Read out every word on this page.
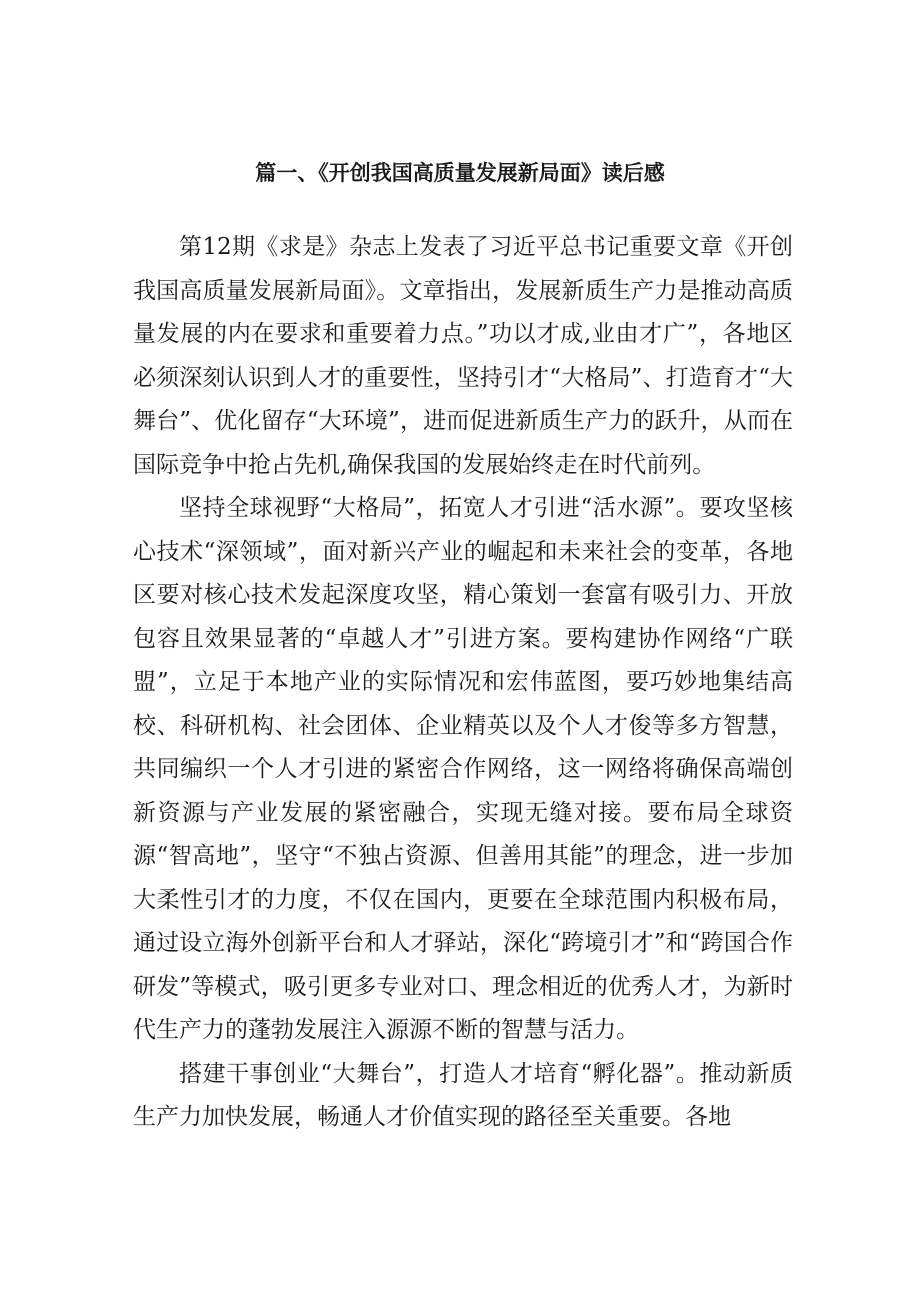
篇一、《开创我国高质量发展新局面》读后感

第12期《求是》杂志上发表了习近平总书记重要文章《开创我国高质量发展新局面》。文章指出，发展新质生产力是推动高质量发展的内在要求和重要着力点。”功以才成,业由才广”，各地区必须深刻认识到人才的重要性，坚持引才“大格局”、打造育才“大舞台”、优化留存“大环境”，进而促进新质生产力的跃升，从而在国际竞争中抢占先机,确保我国的发展始终走在时代前列。

坚持全球视野“大格局”，拓宽人才引进“活水源”。要攻坚核心技术“深领域”，面对新兴产业的崛起和未来社会的变革，各地区要对核心技术发起深度攻坚，精心策划一套富有吸引力、开放包容且效果显著的“卓越人才”引进方案。要构建协作网络“广联盟”，立足于本地产业的实际情况和宏伟蓝图，要巧妙地集结高校、科研机构、社会团体、企业精英以及个人才俊等多方智慧，共同编织一个人才引进的紧密合作网络，这一网络将确保高端创新资源与产业发展的紧密融合，实现无缝对接。要布局全球资源“智高地”，坚守“不独占资源、但善用其能”的理念，进一步加大柔性引才的力度，不仅在国内，更要在全球范围内积极布局，通过设立海外创新平台和人才驿站，深化“跨境引才”和“跨国合作研发”等模式，吸引更多专业对口、理念相近的优秀人才，为新时代生产力的蓬勃发展注入源源不断的智慧与活力。

搭建干事创业“大舞台”，打造人才培育“孵化器”。推动新质生产力加快发展，畅通人才价值实现的路径至关重要。各地
